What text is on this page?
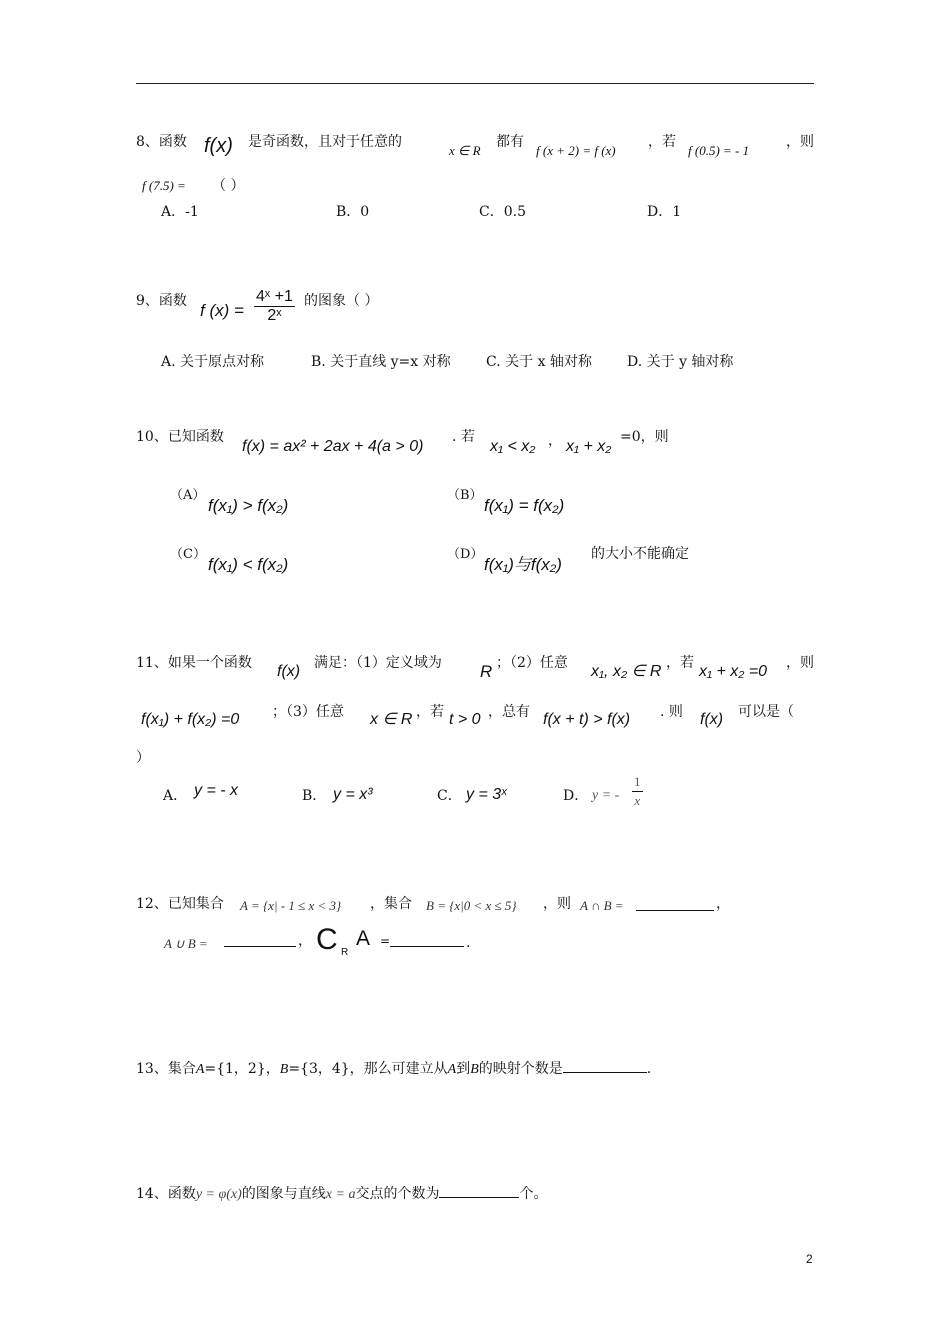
8、函数 f(x) 是奇函数，且对于任意的
x ∈ R
都有
f (x + 2) = f (x)
，若
f (0.5) = - 1
，则
f (7.5) = （ ）
A．-1	B．0	C．0.5	D．1
9、函数 f $(x) = \frac{\text{4ˣ +1}}{\text{2ˣ}}$ 的图象（ ）
A. 关于原点对称	B. 关于直线 y=x 对称	C. 关于 x 轴对称	D. 关于 y 轴对称
10、已知函数
f(x) = ax² + 2ax + 4(a > 0)
. 若
x₁ < x₂ ， x₁ + x₂
=0，则
（A）
f(x₁) > f(x₂)
（B）
f(x₁) = f(x₂)
（C）
f(x₁) < f(x₂)
（D）
f(x₁)与f(x₂)
的大小不能确定
11、如果一个函数 f(x) 满足：（1）定义域为 R ；（2）任意 x₁, x₂ ∈ R ，若 x₁ + x₂ =0 ，则
f(x₁) + f(x₂) =0 ；（3）任意 x ∈ R ，若 t > 0 ，总有 f(x + t) > f(x) . 则 f(x) 可以是（
）
A． y = - x	B． y = x³	C． y = 3ˣ	D． y = - $\frac{1}{x}$
12、已知集合 A = {x| - 1 ≤ x < 3} ，集合 B = {x|0 < x ≤ 5} ，则 A ∩ B =	，
A ∪ B =	， C R
A =	.
13、集合A={1，2}，B={3，4}，那么可建立从A到B的映射个数是	.
14、函数y = φ(x)的图象与直线x = a交点的个数为	个。
2
